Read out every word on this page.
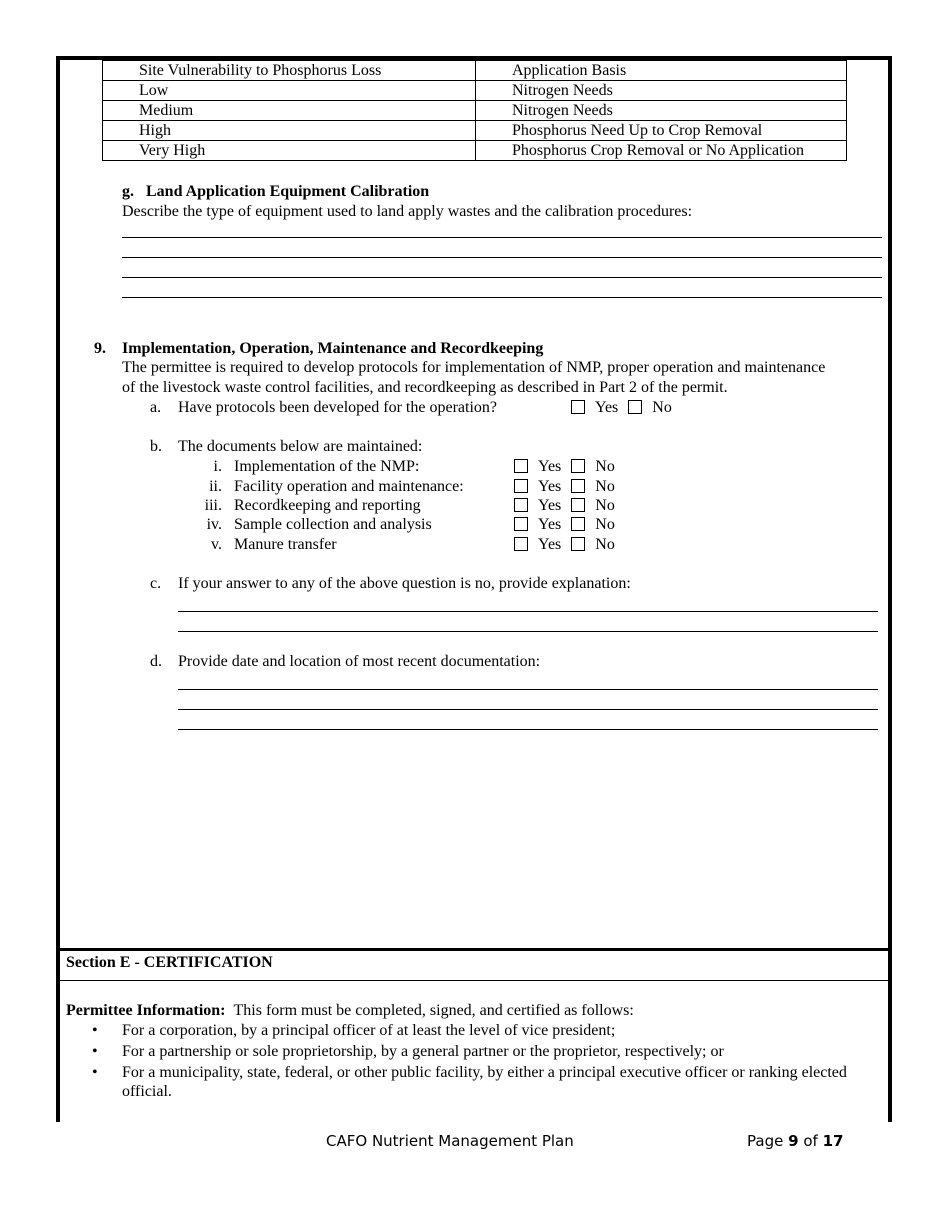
Site Vulnerability to Phosphorus Loss	Application Basis
Low	Nitrogen Needs
Medium	Nitrogen Needs
High	Phosphorus Need Up to Crop Removal
Very High	Phosphorus Crop Removal or No Application
g. Land Application Equipment Calibration
Describe the type of equipment used to land apply wastes and the calibration procedures:
9. Implementation, Operation, Maintenance and Recordkeeping
The permittee is required to develop protocols for implementation of NMP, proper operation and maintenance
of the livestock waste control facilities, and recordkeeping as described in Part 2 of the permit.
a. Have protocols been developed for the operation?	Yes No
b. The documents below are maintained:
i. Implementation of the NMP:	Yes No
ii. Facility operation and maintenance:	Yes No
iii. Recordkeeping and reporting	Yes No
iv. Sample collection and analysis	Yes No
v. Manure transfer	Yes No
c. If your answer to any of the above question is no, provide explanation:
d. Provide date and location of most recent documentation:
Section E - CERTIFICATION
Permittee Information: This form must be completed, signed, and certified as follows:
•	For a corporation, by a principal officer of at least the level of vice president;
•	For a partnership or sole proprietorship, by a general partner or the proprietor, respectively; or
•	For a municipality, state, federal, or other public facility, by either a principal executive officer or ranking elected
official.
CAFO Nutrient Management Plan	Page 9 of 17
